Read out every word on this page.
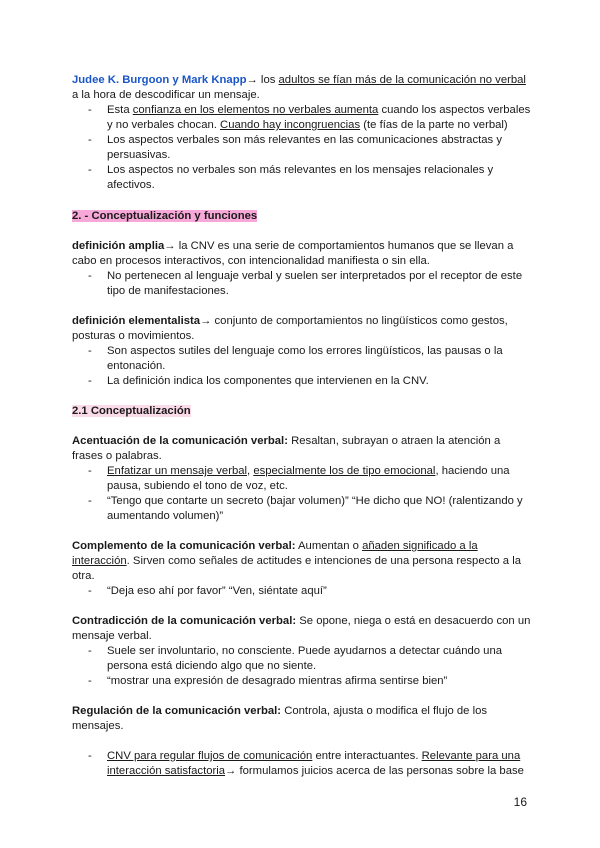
Judee K. Burgoon y Mark Knapp→ los adultos se fían más de la comunicación no verbal a la hora de descodificar un mensaje.

- Esta confianza en los elementos no verbales aumenta cuando los aspectos verbales y no verbales chocan. Cuando hay incongruencias (te fías de la parte no verbal)
- Los aspectos verbales son más relevantes en las comunicaciones abstractas y persuasivas.
- Los aspectos no verbales son más relevantes en los mensajes relacionales y afectivos.

2. - Conceptualización y funciones

definición amplia→ la CNV es una serie de comportamientos humanos que se llevan a cabo en procesos interactivos, con intencionalidad manifiesta o sin ella.

- No pertenecen al lenguaje verbal y suelen ser interpretados por el receptor de este tipo de manifestaciones.

definición elementalista→ conjunto de comportamientos no lingüísticos como gestos, posturas o movimientos.

- Son aspectos sutiles del lenguaje como los errores lingüísticos, las pausas o la entonación.
- La definición indica los componentes que intervienen en la CNV.

2.1 Conceptualización

Acentuación de la comunicación verbal: Resaltan, subrayan o atraen la atención a frases o palabras.

- Enfatizar un mensaje verbal, especialmente los de tipo emocional, haciendo una pausa, subiendo el tono de voz, etc.
- “Tengo que contarte un secreto (bajar volumen)” “He dicho que NO! (ralentizando y aumentando volumen)”

Complemento de la comunicación verbal: Aumentan o añaden significado a la interacción. Sirven como señales de actitudes e intenciones de una persona respecto a la otra.

- “Deja eso ahí por favor” “Ven, siéntate aquí”

Contradicción de la comunicación verbal: Se opone, niega o está en desacuerdo con un mensaje verbal.

- Suele ser involuntario, no consciente. Puede ayudarnos a detectar cuándo una persona está diciendo algo que no siente.
- “mostrar una expresión de desagrado mientras afirma sentirse bien”

Regulación de la comunicación verbal: Controla, ajusta o modifica el flujo de los mensajes.

- CNV para regular flujos de comunicación entre interactuantes. Relevante para una interacción satisfactoria→ formulamos juicios acerca de las personas sobre la base
16
